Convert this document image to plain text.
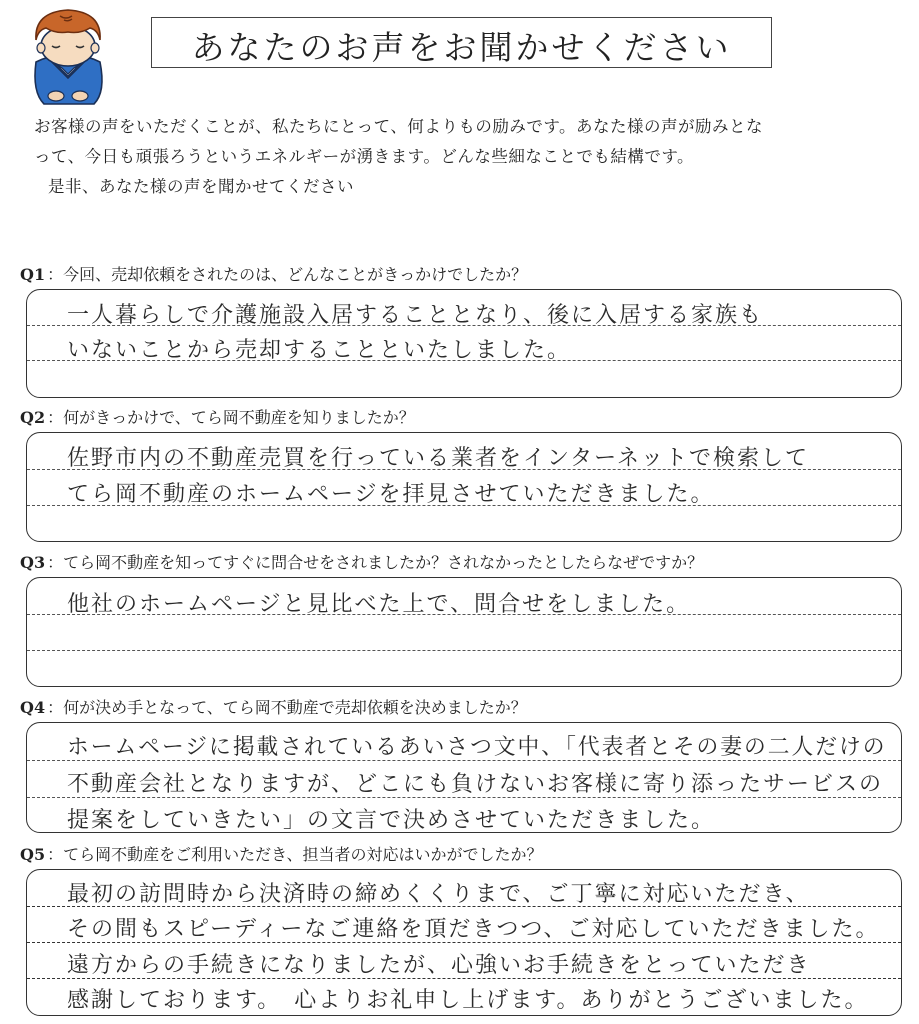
あなたのお声をお聞かせください

お客様の声をいただくことが、私たちにとって、何よりもの励みです。あなた様の声が励みとな

って、今日も頑張ろうというエネルギーが湧きます。どんな些細なことでも結構です。

是非、あなた様の声を聞かせてください

Q1 ：今回、売却依頼をされたのは、どんなことがきっかけでしたか？
一人暮らしで介護施設入居することとなり、後に入居する家族も
いないことから売却することといたしました。
Q2 ：何がきっかけで、てら岡不動産を知りましたか？
佐野市内の不動産売買を行っている業者をインターネットで検索して
てら岡不動産のホームページを拝見させていただきました。
Q3 ：てら岡不動産を知ってすぐに問合せをされましたか？されなかったとしたらなぜですか？
他社のホームページと見比べた上で、問合せをしました。
Q4 ：何が決め手となって、てら岡不動産で売却依頼を決めましたか？
ホームページに掲載されているあいさつ文中、「代表者とその妻の二人だけの
不動産会社となりますが、どこにも負けないお客様に寄り添ったサービスの
提案をしていきたい」の文言で決めさせていただきました。
Q5 ：てら岡不動産をご利用いただき、担当者の対応はいかがでしたか？
最初の訪問時から決済時の締めくくりまで、ご丁寧に対応いただき、
その間もスピーディーなご連絡を頂だきつつ、ご対応していただきました。
遠方からの手続きになりましたが、心強いお手続きをとっていただき
感謝しております。　心よりお礼申し上げます。ありがとうございました。
